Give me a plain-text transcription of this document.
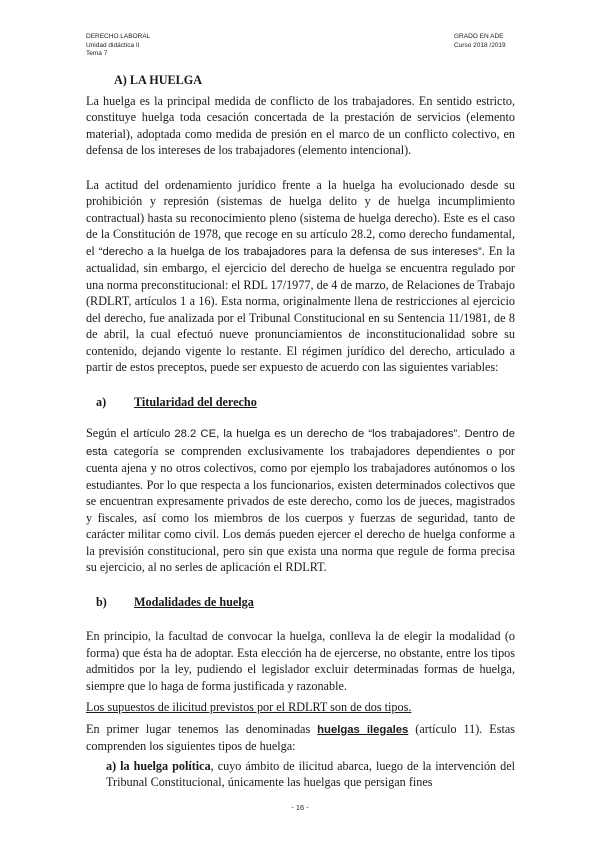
DERECHO LABORAL
Unidad didáctica II
Tema 7
GRADO EN ADE
Curso 2018 /2019
A) LA HUELGA

La huelga es la principal medida de conflicto de los trabajadores. En sentido estricto, constituye huelga toda cesación concertada de la prestación de servicios (elemento material), adoptada como medida de presión en el marco de un conflicto colectivo, en defensa de los intereses de los trabajadores (elemento intencional).

La actitud del ordenamiento jurídico frente a la huelga ha evolucionado desde su prohibición y represión (sistemas de huelga delito y de huelga incumplimiento contractual) hasta su reconocimiento pleno (sistema de huelga derecho). Este es el caso de la Constitución de 1978, que recoge en su artículo 28.2, como derecho fundamental, el “derecho a la huelga de los trabajadores para la defensa de sus intereses”. En la actualidad, sin embargo, el ejercicio del derecho de huelga se encuentra regulado por una norma preconstitucional: el RDL 17/1977, de 4 de marzo, de Relaciones de Trabajo (RDLRT, artículos 1 a 16). Esta norma, originalmente llena de restricciones al ejercicio del derecho, fue analizada por el Tribunal Constitucional en su Sentencia 11/1981, de 8 de abril, la cual efectuó nueve pronunciamientos de inconstitucionalidad sobre su contenido, dejando vigente lo restante. El régimen jurídico del derecho, articulado a partir de estos preceptos, puede ser expuesto de acuerdo con las siguientes variables:

a) Titularidad del derecho

Según el artículo 28.2 CE, la huelga es un derecho de “los trabajadores”. Dentro de esta categoría se comprenden exclusivamente los trabajadores dependientes o por cuenta ajena y no otros colectivos, como por ejemplo los trabajadores autónomos o los estudiantes. Por lo que respecta a los funcionarios, existen determinados colectivos que se encuentran expresamente privados de este derecho, como los de jueces, magistrados y fiscales, así como los miembros de los cuerpos y fuerzas de seguridad, tanto de carácter militar como civil. Los demás pueden ejercer el derecho de huelga conforme a la previsión constitucional, pero sin que exista una norma que regule de forma precisa su ejercicio, al no serles de aplicación el RDLRT.

b) Modalidades de huelga

En principio, la facultad de convocar la huelga, conlleva la de elegir la modalidad (o forma) que ésta ha de adoptar. Esta elección ha de ejercerse, no obstante, entre los tipos admitidos por la ley, pudiendo el legislador excluir determinadas formas de huelga, siempre que lo haga de forma justificada y razonable.

Los supuestos de ilicitud previstos por el RDLRT son de dos tipos.

En primer lugar tenemos las denominadas huelgas ilegales (artículo 11). Estas comprenden los siguientes tipos de huelga:

a) la huelga política, cuyo ámbito de ilicitud abarca, luego de la intervención del Tribunal Constitucional, únicamente las huelgas que persigan fines

- 16 -
